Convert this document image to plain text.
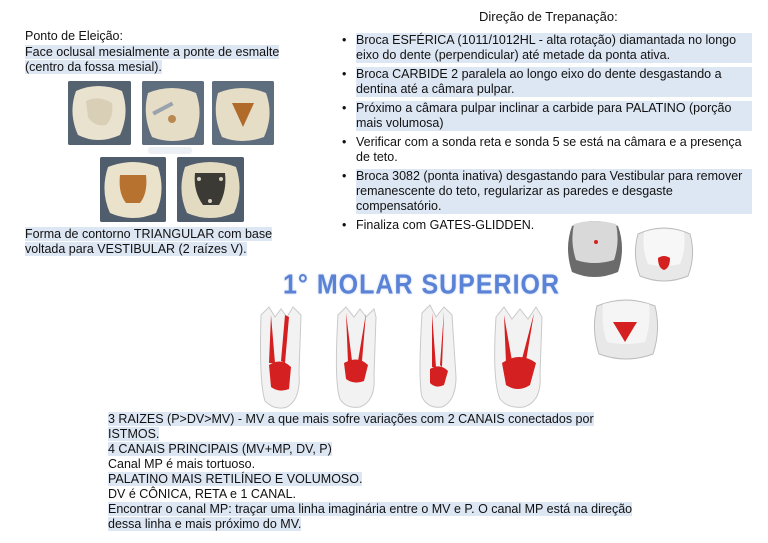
Ponto de Eleição:
Face oclusal mesialmente a ponte de esmalte
(centro da fossa mesial).
Forma de contorno TRIANGULAR com base
voltada para VESTIBULAR (2 raízes V).
Direção de Trepanação:
• Broca ESFÉRICA (1011/1012HL - alta rotação) diamantada no longo eixo do dente (perpendicular) até metade da ponta ativa.
• Broca CARBIDE 2 paralela ao longo eixo do dente desgastando a dentina até a câmara pulpar.
• Próximo a câmara pulpar inclinar a carbide para PALATINO (porção mais volumosa)
• Verificar com a sonda reta e sonda 5 se está na câmara e a presença de teto.
• Broca 3082 (ponta inativa) desgastando para Vestibular para remover remanescente do teto, regularizar as paredes e desgaste compensatório.
• Finaliza com GATES-GLIDDEN.
1° MOLAR SUPERIOR
3 RAIZES (P>DV>MV) - MV a que mais sofre variações com 2 CANAIS conectados por
ISTMOS.
4 CANAIS PRINCIPAIS (MV+MP, DV, P)
Canal MP é mais tortuoso.
PALATINO MAIS RETILÍNEO E VOLUMOSO.
DV é CÔNICA, RETA e 1 CANAL.
Encontrar o canal MP: traçar uma linha imaginária entre o MV e P. O canal MP está na direção
dessa linha e mais próximo do MV.
